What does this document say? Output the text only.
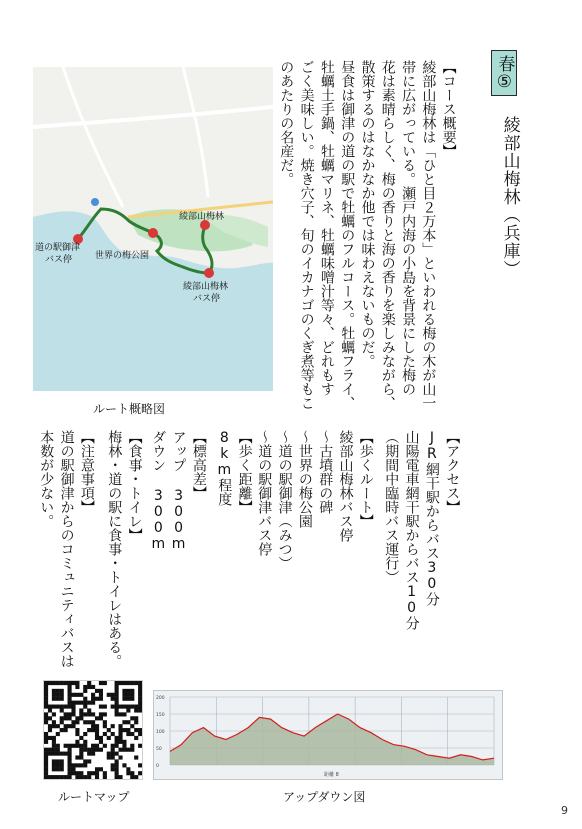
春
⑤
綾部山梅林（兵庫）
【コース概要】
綾部山梅林は「ひと目２万本」といわれる梅の木が山一
帯に広がっている。瀬戸内海の小島を背景にした梅の
花は素晴らしく、梅の香りと海の香りを楽しみながら、
散策するのはなかなか他では味わえないものだ。
昼食は御津の道の駅で牡蠣のフルコース。牡蠣フライ、
牡蠣土手鍋、牡蠣マリネ、牡蠣味噌汁等々、どれもす
ごく美味しい。焼き穴子、旬のイカナゴのくぎ煮等もこ
のあたりの名産だ。
【アクセス】
JR網干駅からバス30分
山陽電車網干駅からバス10分
（期間中臨時バス運行）
【歩くルート】
綾部山梅林バス停
～古墳群の碑
～世界の梅公園
～道の駅御津（みつ）
～道の駅御津バス停
【歩く距離】
8km程度
【標高差】
アップ 300m
ダウン 300m
【食事・トイレ】
梅林・道の駅に食事・トイレはある。
【注意事項】
道の駅御津からのコミュニティバスは
本数が少ない。
綾部山梅林
世界の梅公園
道の駅御津
バス停
綾部山梅林
バス停
ルート概略図
ルートマップ
200
150
100
50
0
距離 8
アップダウン図
9
